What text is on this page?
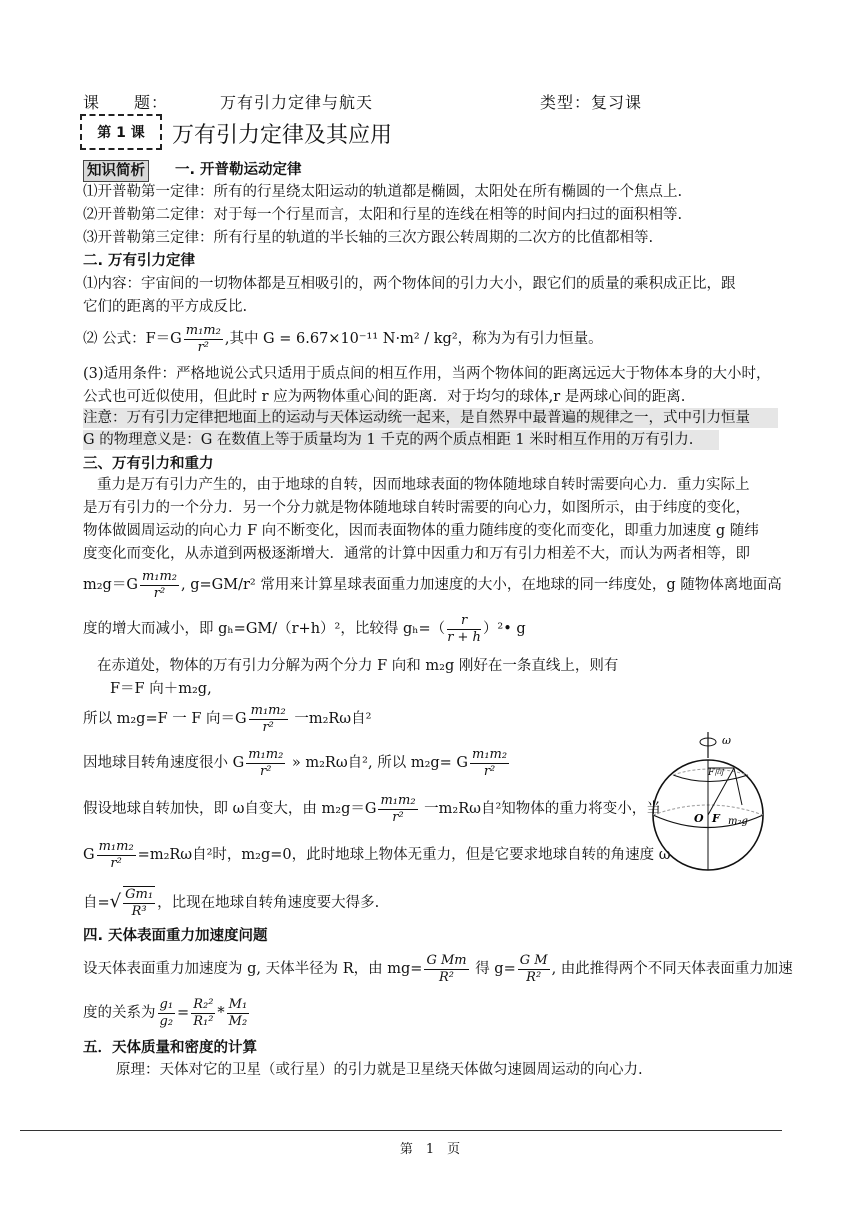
课　　题：	万有引力定律与航天	类型：复习课
第 1 课	万有引力定律及其应用
知识简析 一. 开普勒运动定律
⑴开普勒第一定律：所有的行星绕太阳运动的轨道都是椭圆，太阳处在所有椭圆的一个焦点上.
⑵开普勒第二定律：对于每一个行星而言，太阳和行星的连线在相等的时间内扫过的面积相等.
⑶开普勒第三定律：所有行星的轨道的半长轴的三次方跟公转周期的二次方的比值都相等.
二. 万有引力定律
⑴内容：宇宙间的一切物体都是互相吸引的，两个物体间的引力大小，跟它们的质量的乘积成正比，跟
它们的距离的平方成反比.
⑵ 公式：$F=G \frac{\text{m₁m₂}}{\text{r²}}$ ,其中 G = 6.67×10⁻¹¹ N·m² / kg²，称为为有引力恒量。
(3)适用条件：严格地说公式只适用于质点间的相互作用，当两个物体间的距离远远大于物体本身的大小时，
公式也可近似使用，但此时 r 应为两物体重心间的距离．对于均匀的球体,r 是两球心间的距离.
注意：万有引力定律把地面上的运动与天体运动统一起来，是自然界中最普遍的规律之一，式中引力恒量
G 的物理意义是：G 在数值上等于质量均为 1 千克的两个质点相距 1 米时相互作用的万有引力.
三、万有引力和重力
重力是万有引力产生的，由于地球的自转，因而地球表面的物体随地球自转时需要向心力．重力实际上
是万有引力的一个分力．另一个分力就是物体随地球自转时需要的向心力，如图所示，由于纬度的变化，
物体做圆周运动的向心力 F 向不断变化，因而表面物体的重力随纬度的变化而变化，即重力加速度 g 随纬
度变化而变化，从赤道到两极逐渐增大．通常的计算中因重力和万有引力相差不大，而认为两者相等，即
$m_2g=G \frac{\text{m₁m₂}}{\text{r²}}$ , g=GM/r² 常用来计算星球表面重力加速度的大小，在地球的同一纬度处，g 随物体离地面高
度的增大而减小，即 gₕ=GM/（r+h）²，比较得 $g_h=( \frac{r}{r + h}$ ）²• g
在赤道处，物体的万有引力分解为两个分力 F 向和 m₂g 刚好在一条直线上，则有
F＝F 向＋m₂g,
所以 m₂g=F 一 F 向$=G \frac{\text{m₁m₂}}{\text{r²}}$ 一m₂Rω自²
因地球目转角速度很小 G $\frac{\text{m₁m₂}}{\text{r²}}$ » m₂Rω自², 所以 m₂g= G $\frac{\text{m₁m₂}}{\text{r²}}$
假设地球自转加快，即 ω自变大，由 $m_2g=G \frac{\text{m₁m₂}}{\text{r²}}$ 一m₂Rω自²知物体的重力将变小，当
G $\frac{\text{m₁m₂}}{\text{r²}} =m_2R\omega$自²时，m₂g=0，此时地球上物体无重力，但是它要求地球自转的角速度 ω
自=√ $\frac{\text{Gm₁}}{\text{R³}}$ ，比现在地球自转角速度要大得多.
ω
F向
O F m₂g
四. 天体表面重力加速度问题
设天体表面重力加速度为 g, 天体半径为 R，由 $mg= \frac{\text{G Mm}}{\text{R²}}$ 得 $g= \frac{\text{G M}}{\text{R²}}$ , 由此推得两个不同天体表面重力加速
度的关系为 $\frac{\text{g₁}}{\text{g₂}} = \frac{\text{R₂²}}{\text{R₁²}} * \frac{\text{M₁}}{\text{M₂}}$
五．天体质量和密度的计算
原理：天体对它的卫星（或行星）的引力就是卫星绕天体做匀速圆周运动的向心力.
第　1　页
